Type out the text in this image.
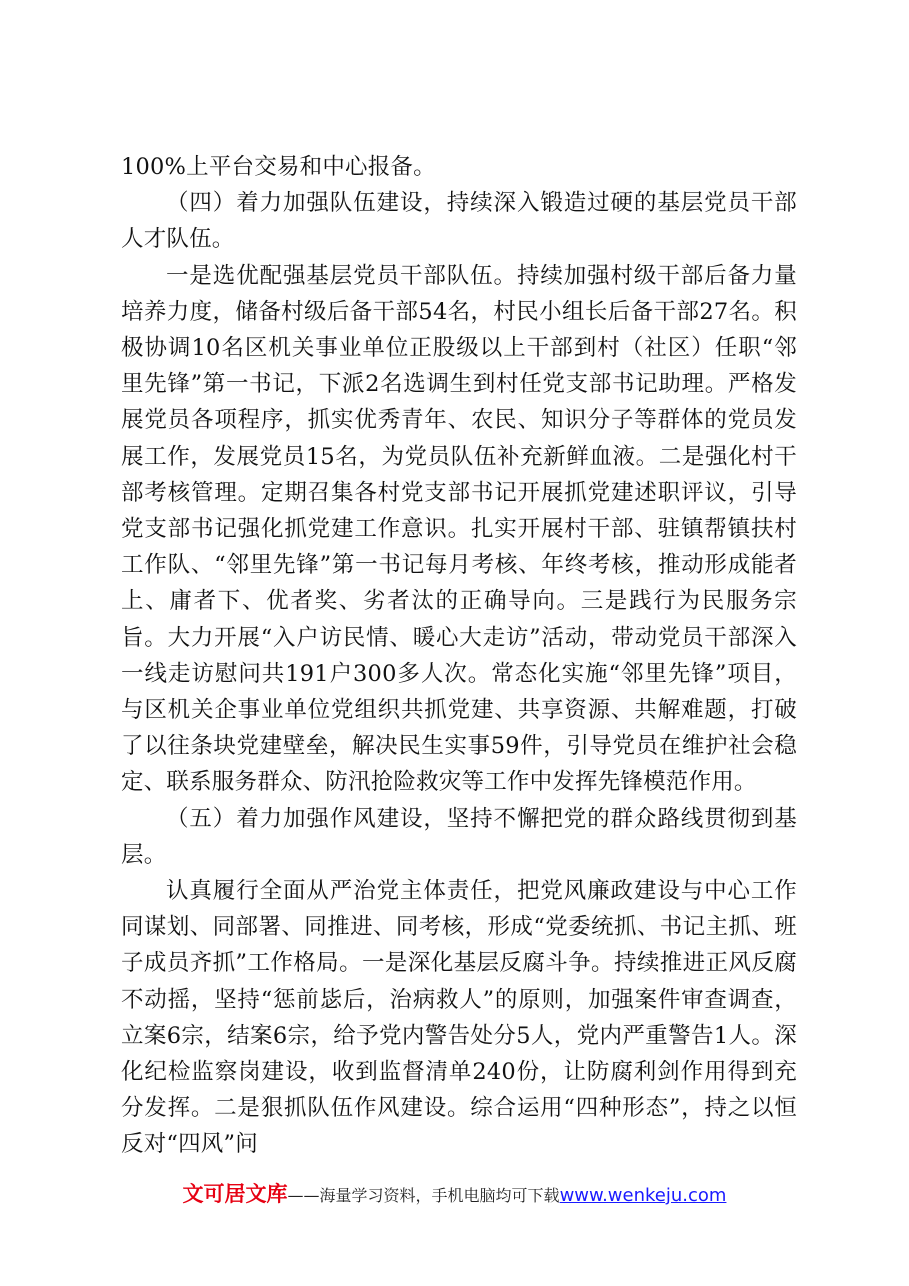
100%上平台交易和中心报备。

（四）着力加强队伍建设，持续深入锻造过硬的基层党员干部人才队伍。

一是选优配强基层党员干部队伍。持续加强村级干部后备力量培养力度，储备村级后备干部54名，村民小组长后备干部27名。积极协调10名区机关事业单位正股级以上干部到村（社区）任职“邻里先锋”第一书记，下派2名选调生到村任党支部书记助理。严格发展党员各项程序，抓实优秀青年、农民、知识分子等群体的党员发展工作，发展党员15名，为党员队伍补充新鲜血液。二是强化村干部考核管理。定期召集各村党支部书记开展抓党建述职评议，引导党支部书记强化抓党建工作意识。扎实开展村干部、驻镇帮镇扶村工作队、“邻里先锋”第一书记每月考核、年终考核，推动形成能者上、庸者下、优者奖、劣者汰的正确导向。三是践行为民服务宗旨。大力开展“入户访民情、暖心大走访”活动，带动党员干部深入一线走访慰问共191户300多人次。常态化实施“邻里先锋”项目，与区机关企事业单位党组织共抓党建、共享资源、共解难题，打破了以往条块党建壁垒，解决民生实事59件，引导党员在维护社会稳定、联系服务群众、防汛抢险救灾等工作中发挥先锋模范作用。

（五）着力加强作风建设，坚持不懈把党的群众路线贯彻到基层。

认真履行全面从严治党主体责任，把党风廉政建设与中心工作同谋划、同部署、同推进、同考核，形成“党委统抓、书记主抓、班子成员齐抓”工作格局。一是深化基层反腐斗争。持续推进正风反腐不动摇，坚持“惩前毖后，治病救人”的原则，加强案件审查调查，立案6宗，结案6宗，给予党内警告处分5人，党内严重警告1人。深化纪检监察岗建设，收到监督清单240份，让防腐利剑作用得到充分发挥。二是狠抓队伍作风建设。综合运用“四种形态”，持之以恒反对“四风”问

文可居文库——海量学习资料，手机电脑均可下载www.wenkeju.com
